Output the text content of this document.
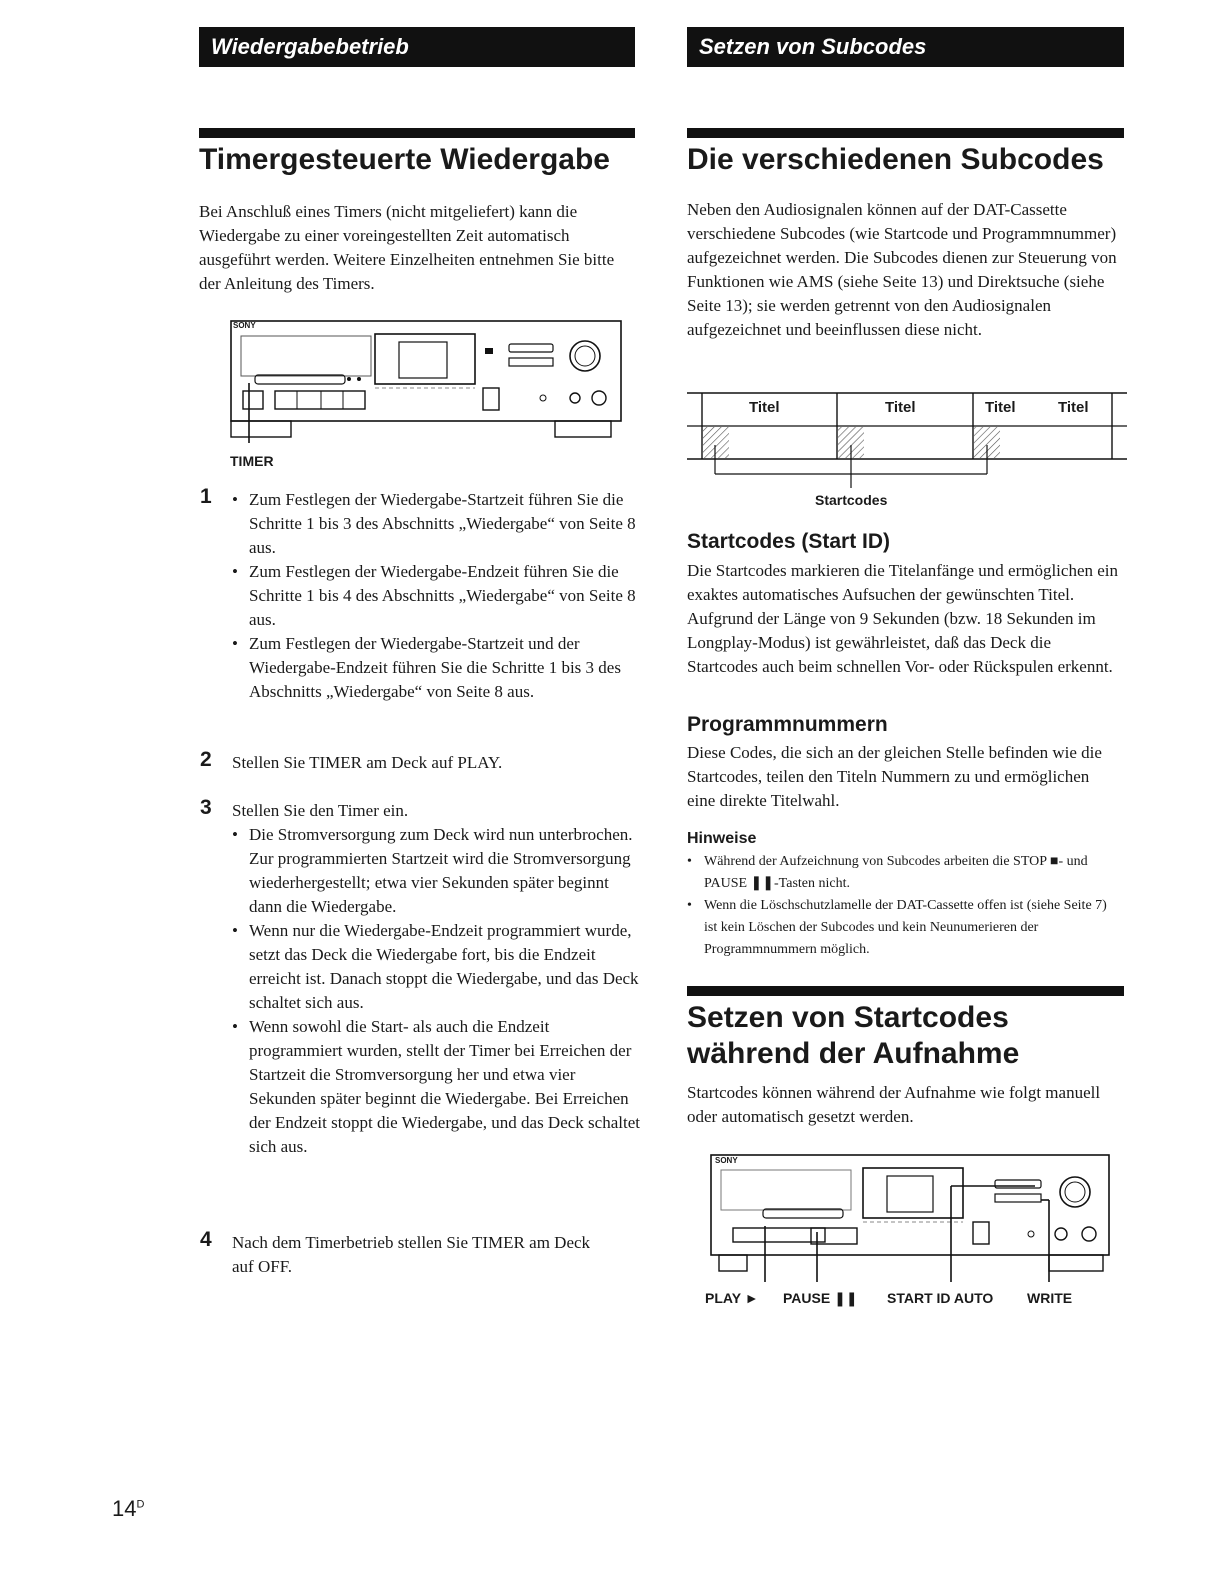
Wiedergabebetrieb	Setzen von Subcodes
Timergesteuerte Wiedergabe

Bei Anschluß eines Timers (nicht mitgeliefert) kann die Wiedergabe zu einer voreingestellten Zeit automatisch ausgeführt werden. Weitere Einzelheiten entnehmen Sie bitte der Anleitung des Timers.

SONY
TIMER
1
•	Zum Festlegen der Wiedergabe-Startzeit führen Sie die Schritte 1 bis 3 des Abschnitts „Wiedergabe“ von Seite 8 aus.
• Zum Festlegen der Wiedergabe-Endzeit führen Sie die Schritte 1 bis 4 des Abschnitts „Wiedergabe“ von Seite 8 aus.
• Zum Festlegen der Wiedergabe-Startzeit und der Wiedergabe-Endzeit führen Sie die Schritte 1 bis 3 des Abschnitts „Wiedergabe“ von Seite 8 aus.
2 Stellen Sie TIMER am Deck auf PLAY.

3 Stellen Sie den Timer ein.

• Die Stromversorgung zum Deck wird nun unterbrochen. Zur programmierten Startzeit wird die Stromversorgung wiederhergestellt; etwa vier Sekunden später beginnt dann die Wiedergabe.
• Wenn nur die Wiedergabe-Endzeit programmiert wurde, setzt das Deck die Wiedergabe fort, bis die Endzeit erreicht ist. Danach stoppt die Wiedergabe, und das Deck schaltet sich aus.
• Wenn sowohl die Start- als auch die Endzeit programmiert wurden, stellt der Timer bei Erreichen der Startzeit die Stromversorgung her und etwa vier Sekunden später beginnt die Wiedergabe. Bei Erreichen der Endzeit stoppt die Wiedergabe, und das Deck schaltet sich aus.
4 Nach dem Timerbetrieb stellen Sie TIMER am Deck auf OFF.

Die verschiedenen Subcodes

Neben den Audiosignalen können auf der DAT-Cassette verschiedene Subcodes (wie Startcode und Programmnummer) aufgezeichnet werden. Die Subcodes dienen zur Steuerung von Funktionen wie AMS (siehe Seite 13) und Direktsuche (siehe Seite 13); sie werden getrennt von den Audiosignalen aufgezeichnet und beeinflussen diese nicht.

Titel	Titel	Titel	Titel
Startcodes
Startcodes (Start ID)

Die Startcodes markieren die Titelanfänge und ermöglichen ein exaktes automatisches Aufsuchen der gewünschten Titel. Aufgrund der Länge von 9 Sekunden (bzw. 18 Sekunden im Longplay-Modus) ist gewährleistet, daß das Deck die Startcodes auch beim schnellen Vor- oder Rückspulen erkennt.

Programmnummern

Diese Codes, die sich an der gleichen Stelle befinden wie die Startcodes, teilen den Titeln Nummern zu und ermöglichen eine direkte Titelwahl.

Hinweise
• Während der Aufzeichnung von Subcodes arbeiten die STOP ■- und PAUSE ❚❚-Tasten nicht.
• Wenn die Löschschutzlamelle der DAT-Cassette offen ist (siehe Seite 7) ist kein Löschen der Subcodes und kein Neunumerieren der Programmnummern möglich.
Setzen von Startcodes
während der Aufnahme

Startcodes können während der Aufnahme wie folgt manuell oder automatisch gesetzt werden.

SONY
PLAY ► PAUSE ❚❚ START ID AUTO WRITE
$14^D$
